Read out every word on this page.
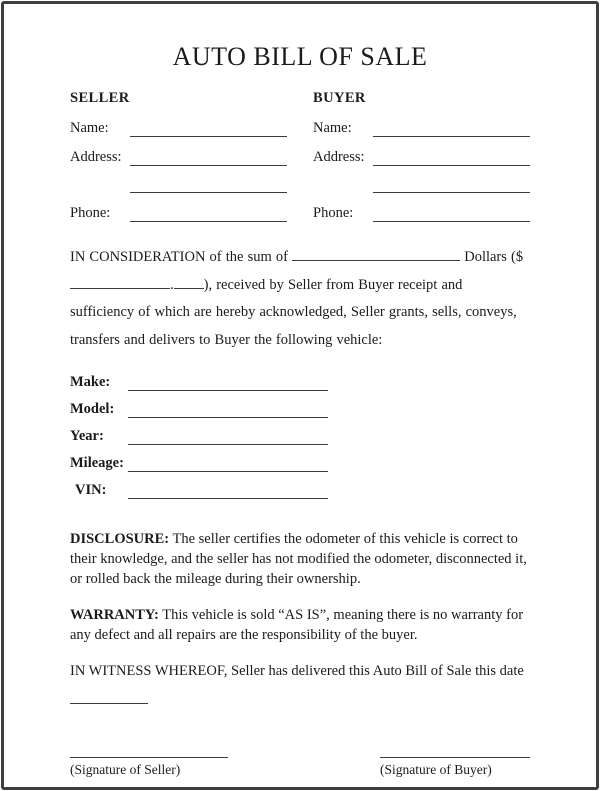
AUTO BILL OF SALE
SELLER
Name:
Address:
Phone:
BUYER
Name:
Address:
Phone:

IN CONSIDERATION of the sum of	Dollars ($ . ), received by Seller from Buyer receipt and sufficiency of which are hereby acknowledged, Seller grants, sells, conveys, transfers and delivers to Buyer the following vehicle:

Make:
Model:
Year:
Mileage:
VIN:

DISCLOSURE: The seller certifies the odometer of this vehicle is correct to their knowledge, and the seller has not modified the odometer, disconnected it, or rolled back the mileage during their ownership.

WARRANTY: This vehicle is sold “AS IS”, meaning there is no warranty for any defect and all repairs are the responsibility of the buyer.

IN WITNESS WHEREOF, Seller has delivered this Auto Bill of Sale this date

(Signature of Seller)	(Signature of Buyer)
